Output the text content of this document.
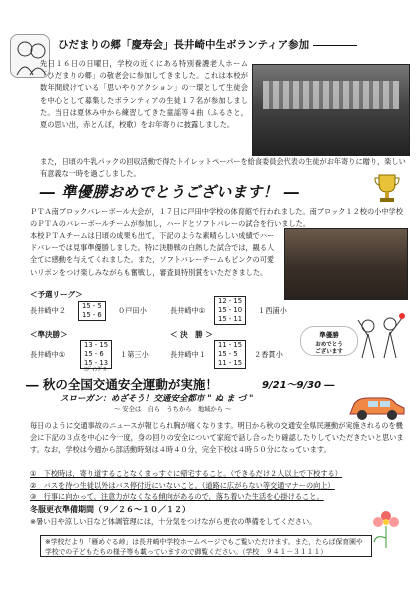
ひだまりの郷「慶寿会」長井崎中生ボランティア参加
先日１６日の日曜日，学校の近くにある特別養護老人ホーム「ひだまりの郷」の敬老会に参加してきました。これは本校が数年間続けている「思いやりアクション」の一環として生徒会を中心として募集したボランティアの生徒１７名が参加しました。当日は夏休み中から練習してきた童謡等４曲（ふるさと，夏の思い出，赤とんぼ，校歌）をお年寄りに披露しました。
また，日頃の牛乳パックの回収活動で得たトイレットペーパーを給食委員会代表の生徒がお年寄りに贈り，楽しい有意義な一時を過ごしました。
― 準優勝おめでとうございます！ ―
ＰＴＡ南ブロックバレーボール大会が，１７日に戸田中学校の体育館で行われました。南ブロック１２校の小中学校のＰＴＡのバレーボールチームが参加し，ハードとソフトバレーの試合を行いました。
本校ＰＴＡチームは日頃の成果も出て，下記のような素晴らしい成績でハードバレーでは見事準優勝しました。特に決勝戦の白熱した試合では，観る人全てに感動を与えてくれました。また，ソフトバレーチームもピンクの可愛いリボンをつけ楽しみながらも奮戦し，審査員特別賞をいただきました。
＜予選リーグ＞
長井崎中２ 15 - 5
15 - 6 ０戸田小	長井崎中①
12 - 15
15 - 10
15 - 11
１西浦小
＜準決勝＞
長井崎中①
13 - 15
15 - 6
15 - 13
ﾖﾃﾞｨﾝｸﾞｽ
１第三小
＜ 決　勝 ＞
長井崎中１
11 - 15
15 - 5
11 - 15
２香貫小
準優勝
おめでとう
ございます
― 秋の全国交通安全運動が実施！	9/21～9/30 ―
スローガン：めざそう！交通安全都市 " ぬ ま づ "
～ 安全は　自ら　うちから　地域から ～
毎日のように交通事故のニュースが報じられ胸が痛くなります。明日から秋の交通安全県民運動が実施されるのを機会に下記の３点を中心に今一度，身の回りの安全について家庭で話し合ったり確認したりしていただきたいと思います。なお，学校は今週から部活動時刻は４時４０分，完全下校は４時５０分になっています。
①　下校時は，寄り道することなくまっすぐに帰宅すること。（できるだけ２人以上で下校する）
②　バスを待つ生徒以外はバス停付近にいないこと。（道路に広がらない等交通マナーの向上）
③　行事に向かって，注意力がなくなる傾向があるので，落ち着いた生活を心掛けること。
冬服更衣準備期間（９／２６～１０／１２）
※暑い日や涼しい日など体調管理には，十分気をつけながら更衣の準備をしてください。
※学校だより「雁めぐる峠」は長井崎中学校ホームページでもご覧いただけます。また，たらば保育園や学校での子どもたちの様子等も載っていますので御覧ください。（学校　９４１－３１１１）
